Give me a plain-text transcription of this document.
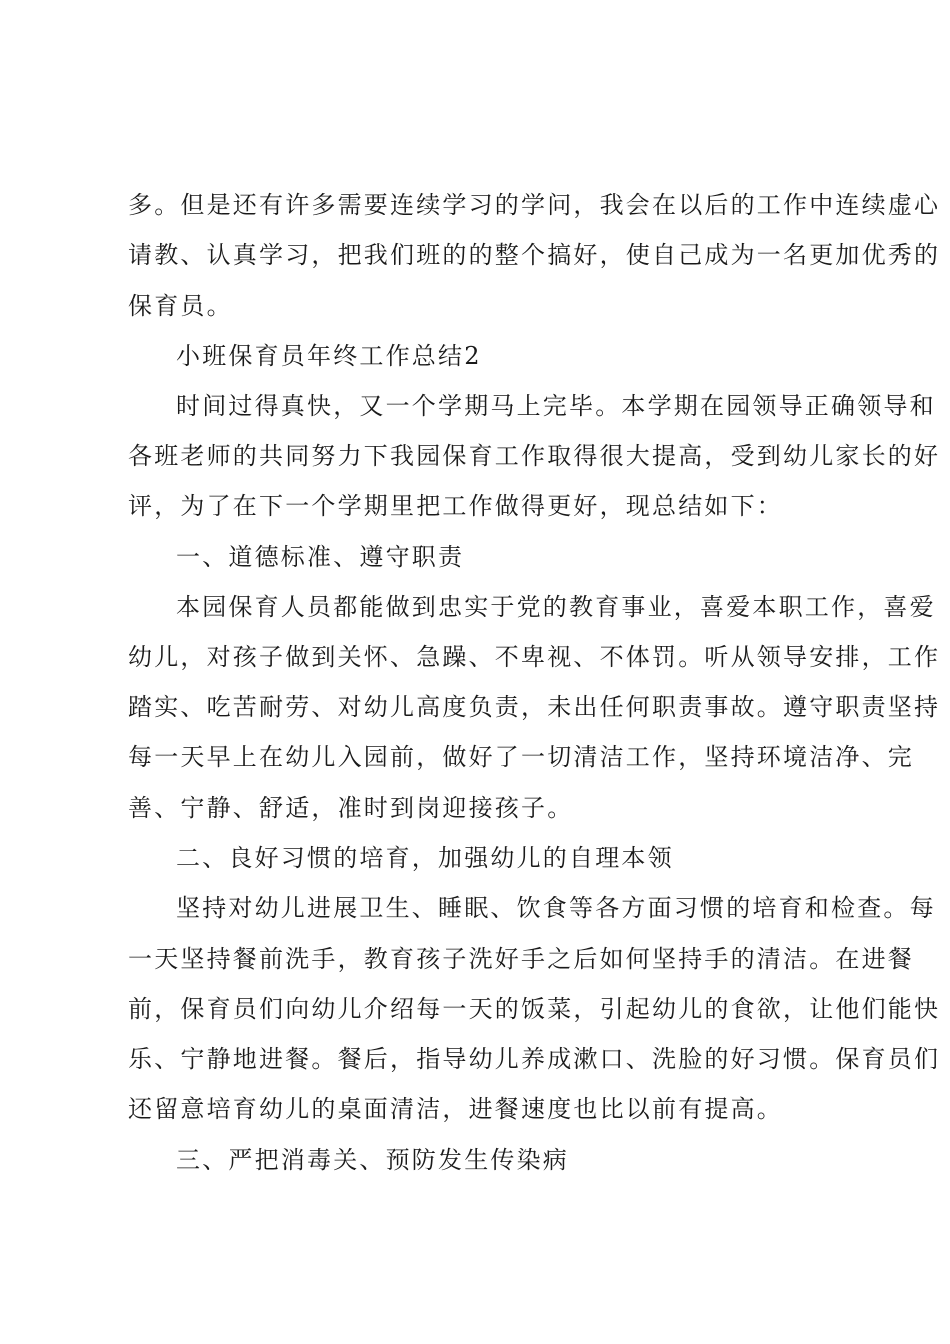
多。但是还有许多需要连续学习的学问，我会在以后的工作中连续虚心
请教、认真学习，把我们班的的整个搞好，使自己成为一名更加优秀的
保育员。
小班保育员年终工作总结2
时间过得真快，又一个学期马上完毕。本学期在园领导正确领导和
各班老师的共同努力下我园保育工作取得很大提高，受到幼儿家长的好
评，为了在下一个学期里把工作做得更好，现总结如下：
一、道德标准、遵守职责
本园保育人员都能做到忠实于党的教育事业，喜爱本职工作，喜爱
幼儿，对孩子做到关怀、急躁、不卑视、不体罚。听从领导安排，工作
踏实、吃苦耐劳、对幼儿高度负责，未出任何职责事故。遵守职责坚持
每一天早上在幼儿入园前，做好了一切清洁工作，坚持环境洁净、完
善、宁静、舒适，准时到岗迎接孩子。
二、良好习惯的培育，加强幼儿的自理本领
坚持对幼儿进展卫生、睡眠、饮食等各方面习惯的培育和检查。每
一天坚持餐前洗手，教育孩子洗好手之后如何坚持手的清洁。在进餐
前，保育员们向幼儿介绍每一天的饭菜，引起幼儿的食欲，让他们能快
乐、宁静地进餐。餐后，指导幼儿养成漱口、洗脸的好习惯。保育员们
还留意培育幼儿的桌面清洁，进餐速度也比以前有提高。
三、严把消毒关、预防发生传染病
